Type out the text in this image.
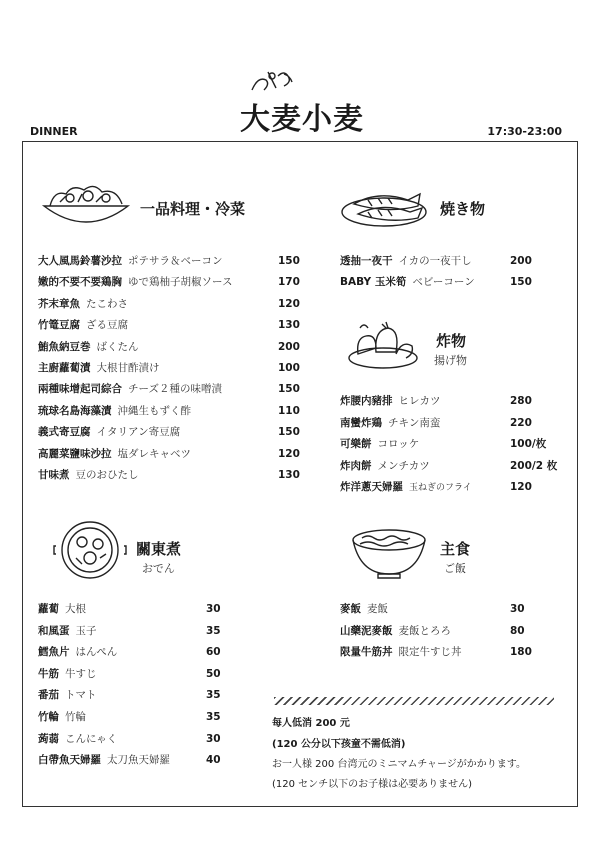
大麦小麦
DINNER	17:30-23:00
一品料理・冷菜
大人風馬鈴薯沙拉 ポテサラ＆ベーコン	150
嫩的不要不要鶏胸 ゆで鶏柚子胡椒ソース	170
芥末章魚 たこわさ	120
竹篭豆腐 ざる豆腐	130
鮪魚納豆巻 ばくたん	200
主廚蘿蔔漬 大根甘酢漬け	100
兩種味增起司綜合 チーズ２種の味噌漬	150
琉球名島海藻漬 沖縄生もずく酢	110
義式寄豆腐 イタリアン寄豆腐	150
高麗菜鹽味沙拉 塩ダレキャベツ	120
甘味煮 豆のおひたし	130
焼き物
透抽一夜干 イカの一夜干し	200
BABY 玉米筍 ベビーコーン	150
炸物
揚げ物
炸腰内豬排 ヒレカツ	280
南蠻炸鶏 チキン南蛮	220
可樂餅 コロッケ	100/枚
炸肉餅 メンチカツ	200/2 枚
炸洋蔥天婦羅 玉ねぎのフライ	120
關東煮
おでん
蘿蔔 大根	30
和風蛋 玉子	35
鱈魚片 はんぺん	60
牛筋 牛すじ	50
番茄 トマト	35
竹輪 竹輪	35
蒟蒻 こんにゃく	30
白帶魚天婦羅 太刀魚天婦羅	40
主食
ご飯
麥飯 麦飯	30
山藥泥麥飯 麦飯とろろ	80
限量牛筋丼 限定牛すじ丼	180
每人低消 200 元
(120 公分以下孩童不需低消)
お一人様 200 台湾元のミニマムチャージがかかります。
(120 センチ以下のお子様は必要ありません)
